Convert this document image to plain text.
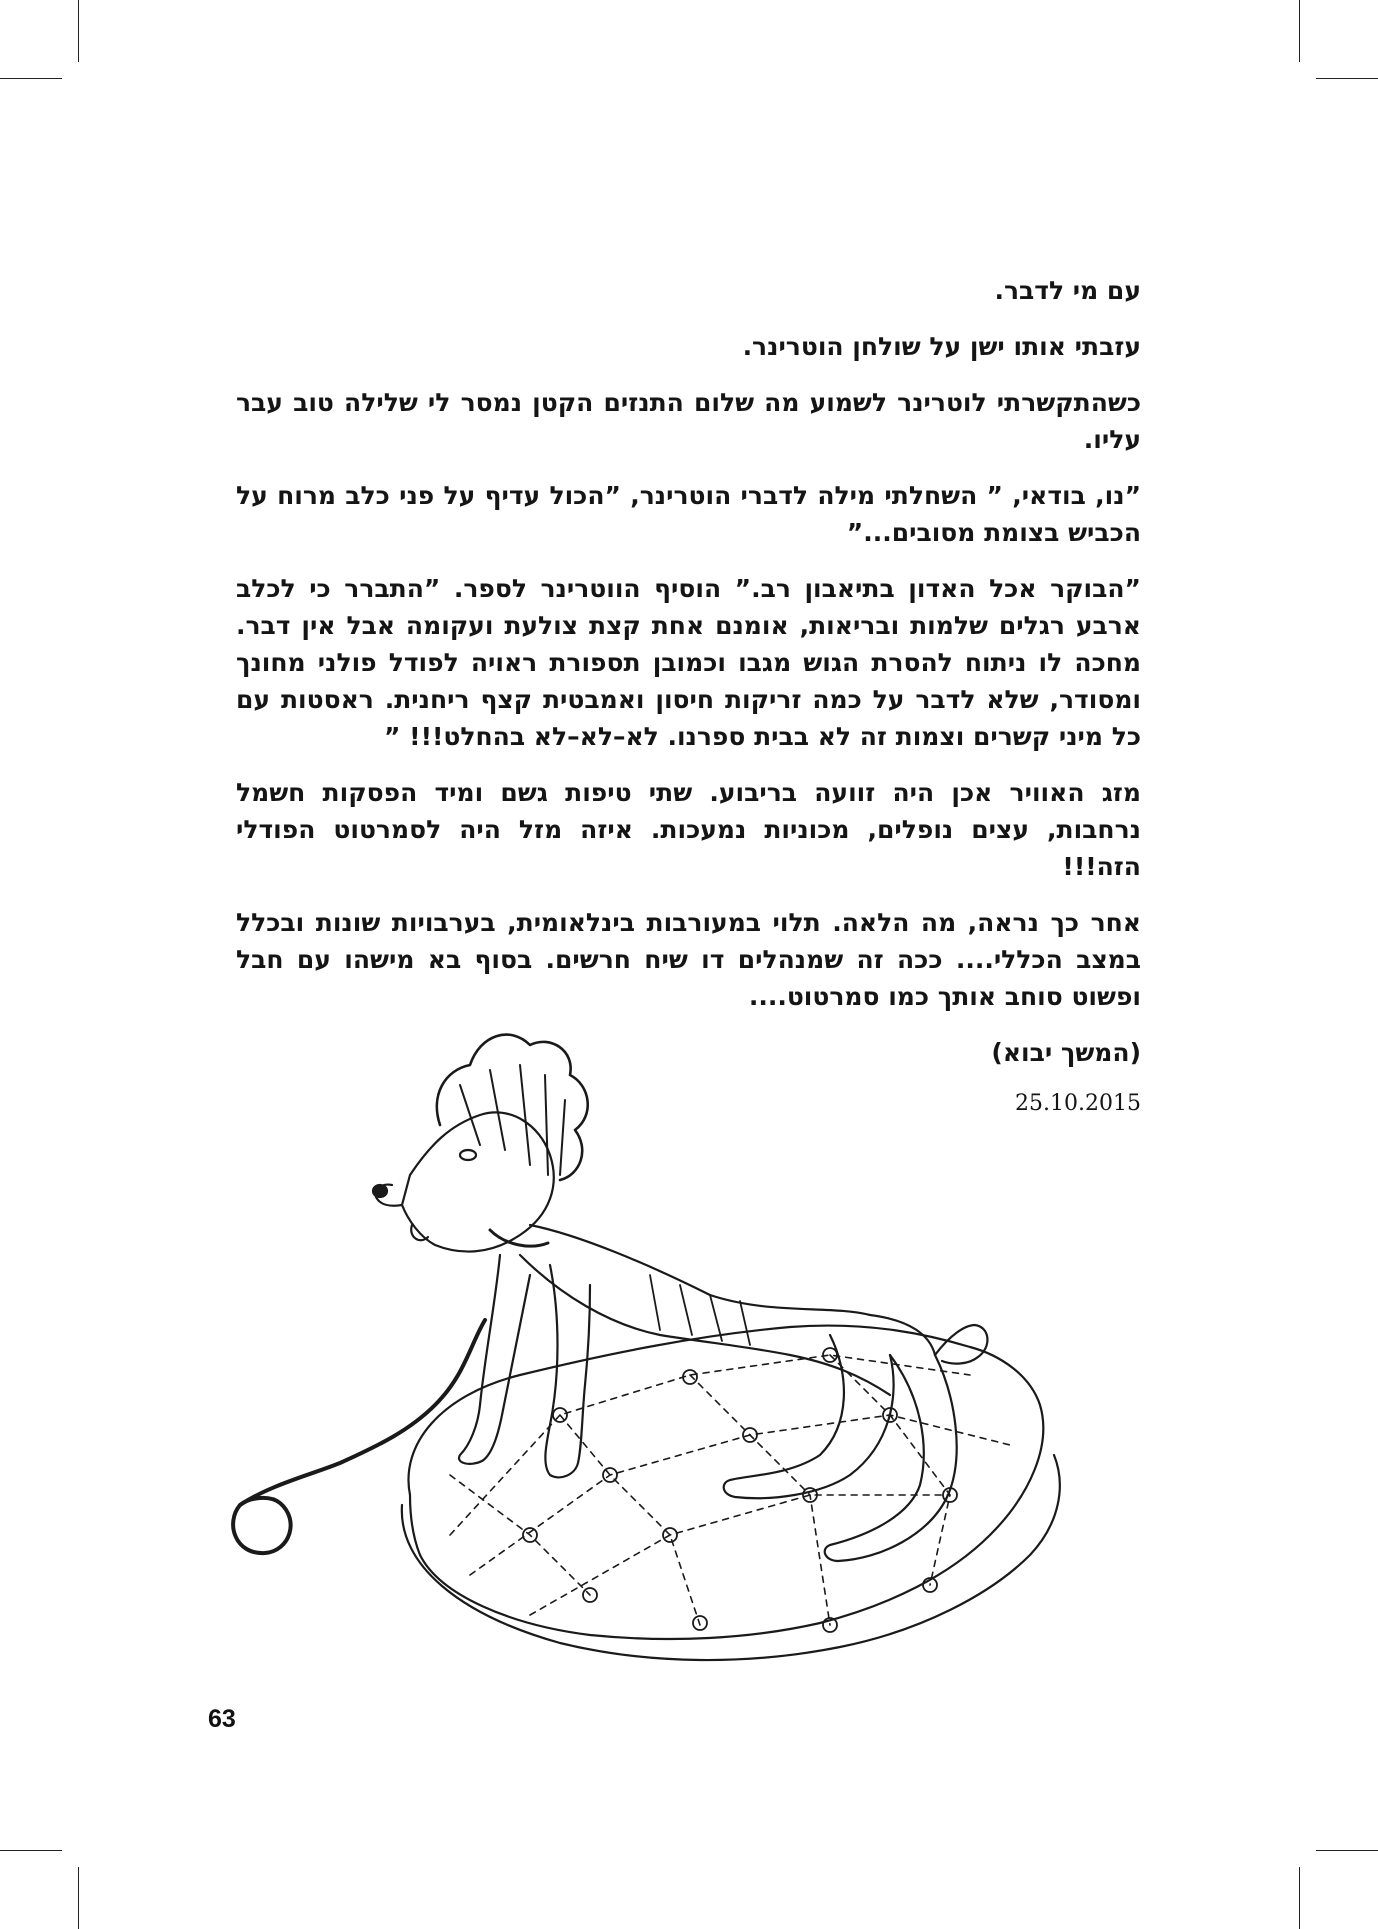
עם מי לדבר.

עזבתי אותו ישן על שולחן הוטרינר.

כשהתקשרתי לוטרינר לשמוע מה שלום התנזים הקטן נמסר לי שלילה טוב עבר עליו.

”נו, בודאי, ” השחלתי מילה לדברי הוטרינר, ”הכול עדיף על פני כלב מרוח על הכביש בצומת מסובים...”

”הבוקר אכל האדון בתיאבון רב.” הוסיף הווטרינר לספר. ”התברר כי לכלב ארבע רגלים שלמות ובריאות, אומנם אחת קצת צולעת ועקומה אבל אין דבר. מחכה לו ניתוח להסרת הגוש מגבו וכמובן תספורת ראויה לפודל פולני מחונך ומסודר, שלא לדבר על כמה זריקות חיסון ואמבטית קצף ריחנית. ראסטות עם כל מיני קשרים וצמות זה לא בבית ספרנו. לא–לא–לא בהחלט!!! ”

מזג האוויר אכן היה זוועה בריבוע. שתי טיפות גשם ומיד הפסקות חשמל נרחבות, עצים נופלים, מכוניות נמעכות. איזה מזל היה לסמרטוט הפודלי הזה!!!

אחר כך נראה, מה הלאה. תלוי במעורבות בינלאומית, בערבויות שונות ובכלל במצב הכללי.... ככה זה שמנהלים דו שיח חרשים. בסוף בא מישהו עם חבל ופשוט סוחב אותך כמו סמרטוט....

(המשך יבוא)

25.10.2015

63
